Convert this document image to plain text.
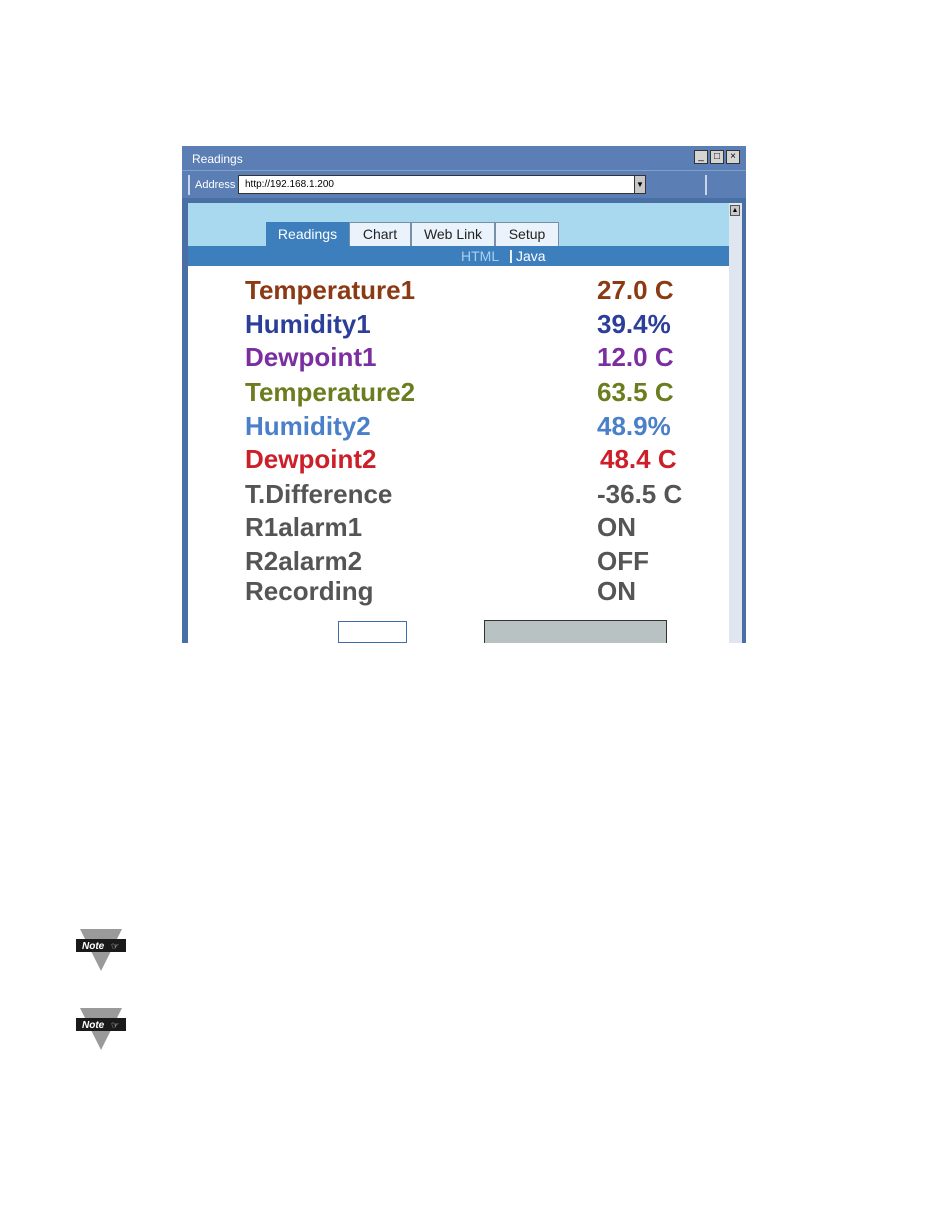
Readings	_	□	×
Address http://192.168.1.200	▼
Readings	Chart	Web Link	Setup
HTML | Java
Temperature1	27.0 C
Humidity1	39.4%
Dewpoint1	12.0 C
Temperature2	63.5 C
Humidity2	48.9%
Dewpoint2	48.4 C
T.Difference	-36.5 C
R1alarm1	ON
R2alarm2	OFF
Recording	ON
▲
Note ☞
Note ☞
